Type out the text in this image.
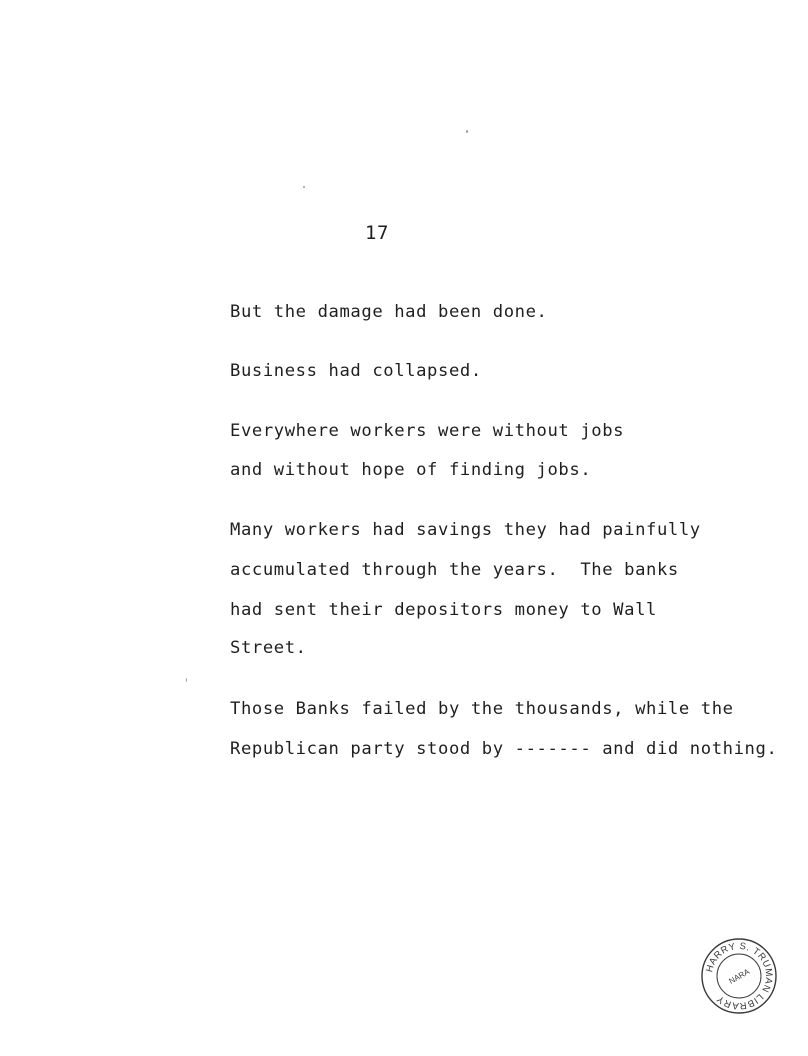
17
But the damage had been done.
Business had collapsed.
Everywhere workers were without jobs
and without hope of finding jobs.
Many workers had savings they had painfully
accumulated through the years.  The banks
had sent their depositors money to Wall
Street.
Those Banks failed by the thousands, while the
Republican party stood by ------- and did nothing.
HARRY S. TRUMAN LIBRARY
NARA
